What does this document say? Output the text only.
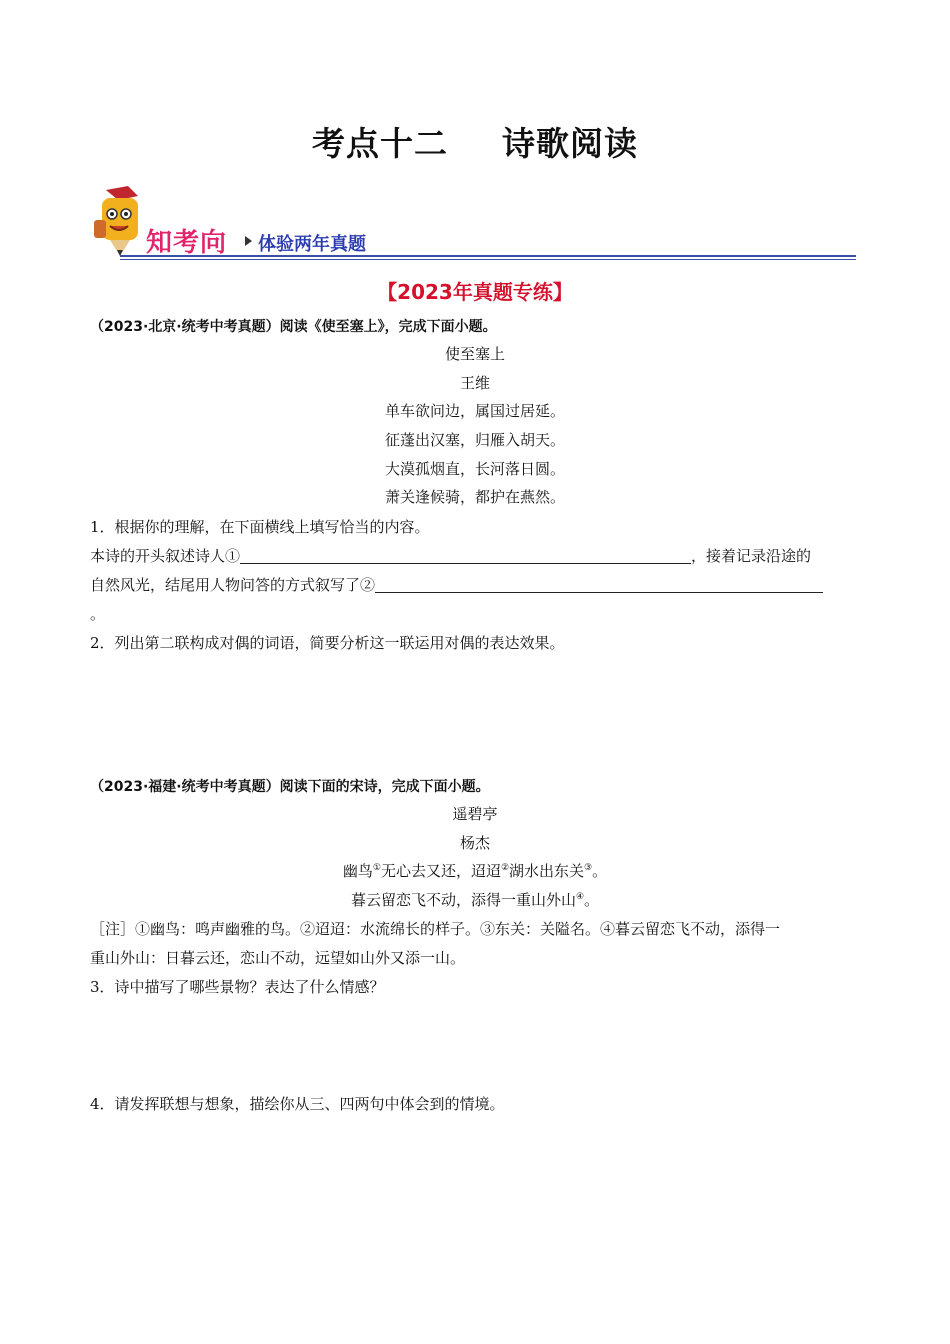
考点十二 诗歌阅读
知考向 体验两年真题
【2023年真题专练】
（2023·北京·统考中考真题）阅读《使至塞上》，完成下面小题。
使至塞上
王维
单车欲问边，属国过居延。
征蓬出汉塞，归雁入胡天。
大漠孤烟直，长河落日圆。
萧关逢候骑，都护在燕然。
1．根据你的理解，在下面横线上填写恰当的内容。
本诗的开头叙述诗人①	，接着记录沿途的
自然风光，结尾用人物问答的方式叙写了②
。
2．列出第二联构成对偶的词语，简要分析这一联运用对偶的表达效果。
（2023·福建·统考中考真题）阅读下面的宋诗，完成下面小题。
遥碧亭
杨杰
幽鸟①无心去又还，迢迢②湖水出东关③。
暮云留恋飞不动，添得一重山外山④。
［注］①幽鸟：鸣声幽雅的鸟。②迢迢：水流绵长的样子。③东关：关隘名。④暮云留恋飞不动，添得一
重山外山：日暮云还，恋山不动，远望如山外又添一山。
3．诗中描写了哪些景物？表达了什么情感？
4．请发挥联想与想象，描绘你从三、四两句中体会到的情境。
